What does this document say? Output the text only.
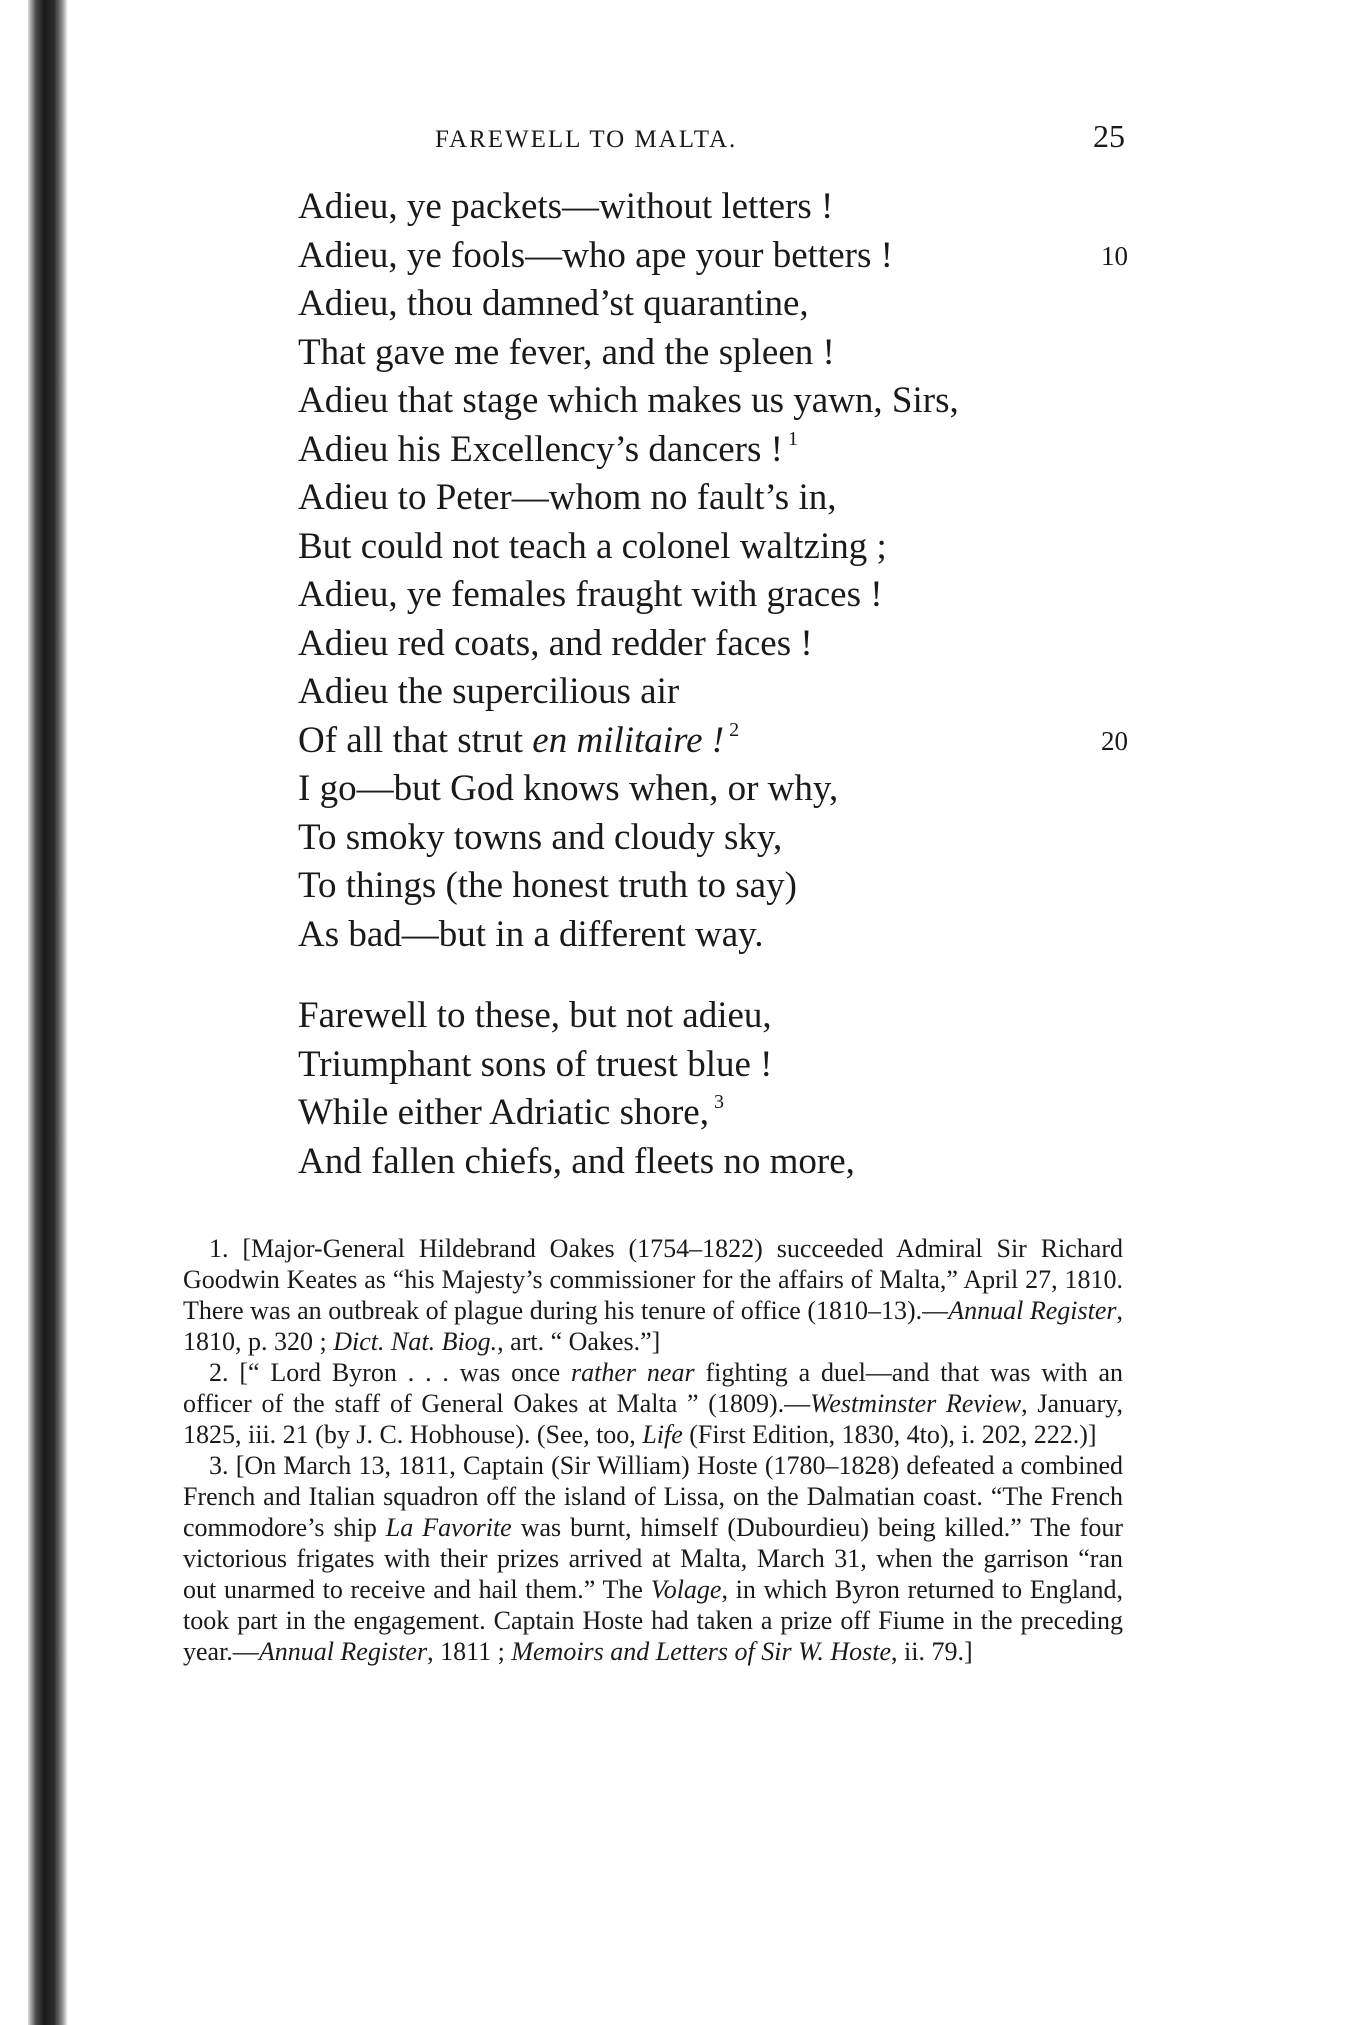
FAREWELL TO MALTA.	25
Adieu, ye packets—without letters !
Adieu, ye fools—who ape your betters !	10
Adieu, thou damned’st quarantine,
That gave me fever, and the spleen !
Adieu that stage which makes us yawn, Sirs,
Adieu his Excellency’s dancers ! $^1$
Adieu to Peter—whom no fault’s in,
But could not teach a colonel waltzing ;
Adieu, ye females fraught with graces !
Adieu red coats, and redder faces !
Adieu the supercilious air
Of all that strut en militaire ! $^2$	20
I go—but God knows when, or why,
To smoky towns and cloudy sky,
To things (the honest truth to say)
As bad—but in a different way.
Farewell to these, but not adieu,
Triumphant sons of truest blue !
While either Adriatic shore, $^3$
And fallen chiefs, and fleets no more,

1. [Major-General Hildebrand Oakes (1754–1822) succeeded Admiral Sir Richard Goodwin Keates as “his Majesty’s commissioner for the affairs of Malta,” April 27, 1810. There was an outbreak of plague during his tenure of office (1810–13).—Annual Register, 1810, p. 320 ; Dict. Nat. Biog., art. “ Oakes.”]

2. [“ Lord Byron . . . was once rather near fighting a duel—and that was with an officer of the staff of General Oakes at Malta ” (1809).—Westminster Review, January, 1825, iii. 21 (by J. C. Hobhouse). (See, too, Life (First Edition, 1830, 4to), i. 202, 222.)]

3. [On March 13, 1811, Captain (Sir William) Hoste (1780–1828) defeated a combined French and Italian squadron off the island of Lissa, on the Dalmatian coast. “The French commodore’s ship La Favorite was burnt, himself (Dubourdieu) being killed.” The four victorious frigates with their prizes arrived at Malta, March 31, when the garrison “ran out unarmed to receive and hail them.” The Volage, in which Byron returned to England, took part in the engagement. Captain Hoste had taken a prize off Fiume in the preceding year.—Annual Register, 1811 ; Memoirs and Letters of Sir W. Hoste, ii. 79.]
